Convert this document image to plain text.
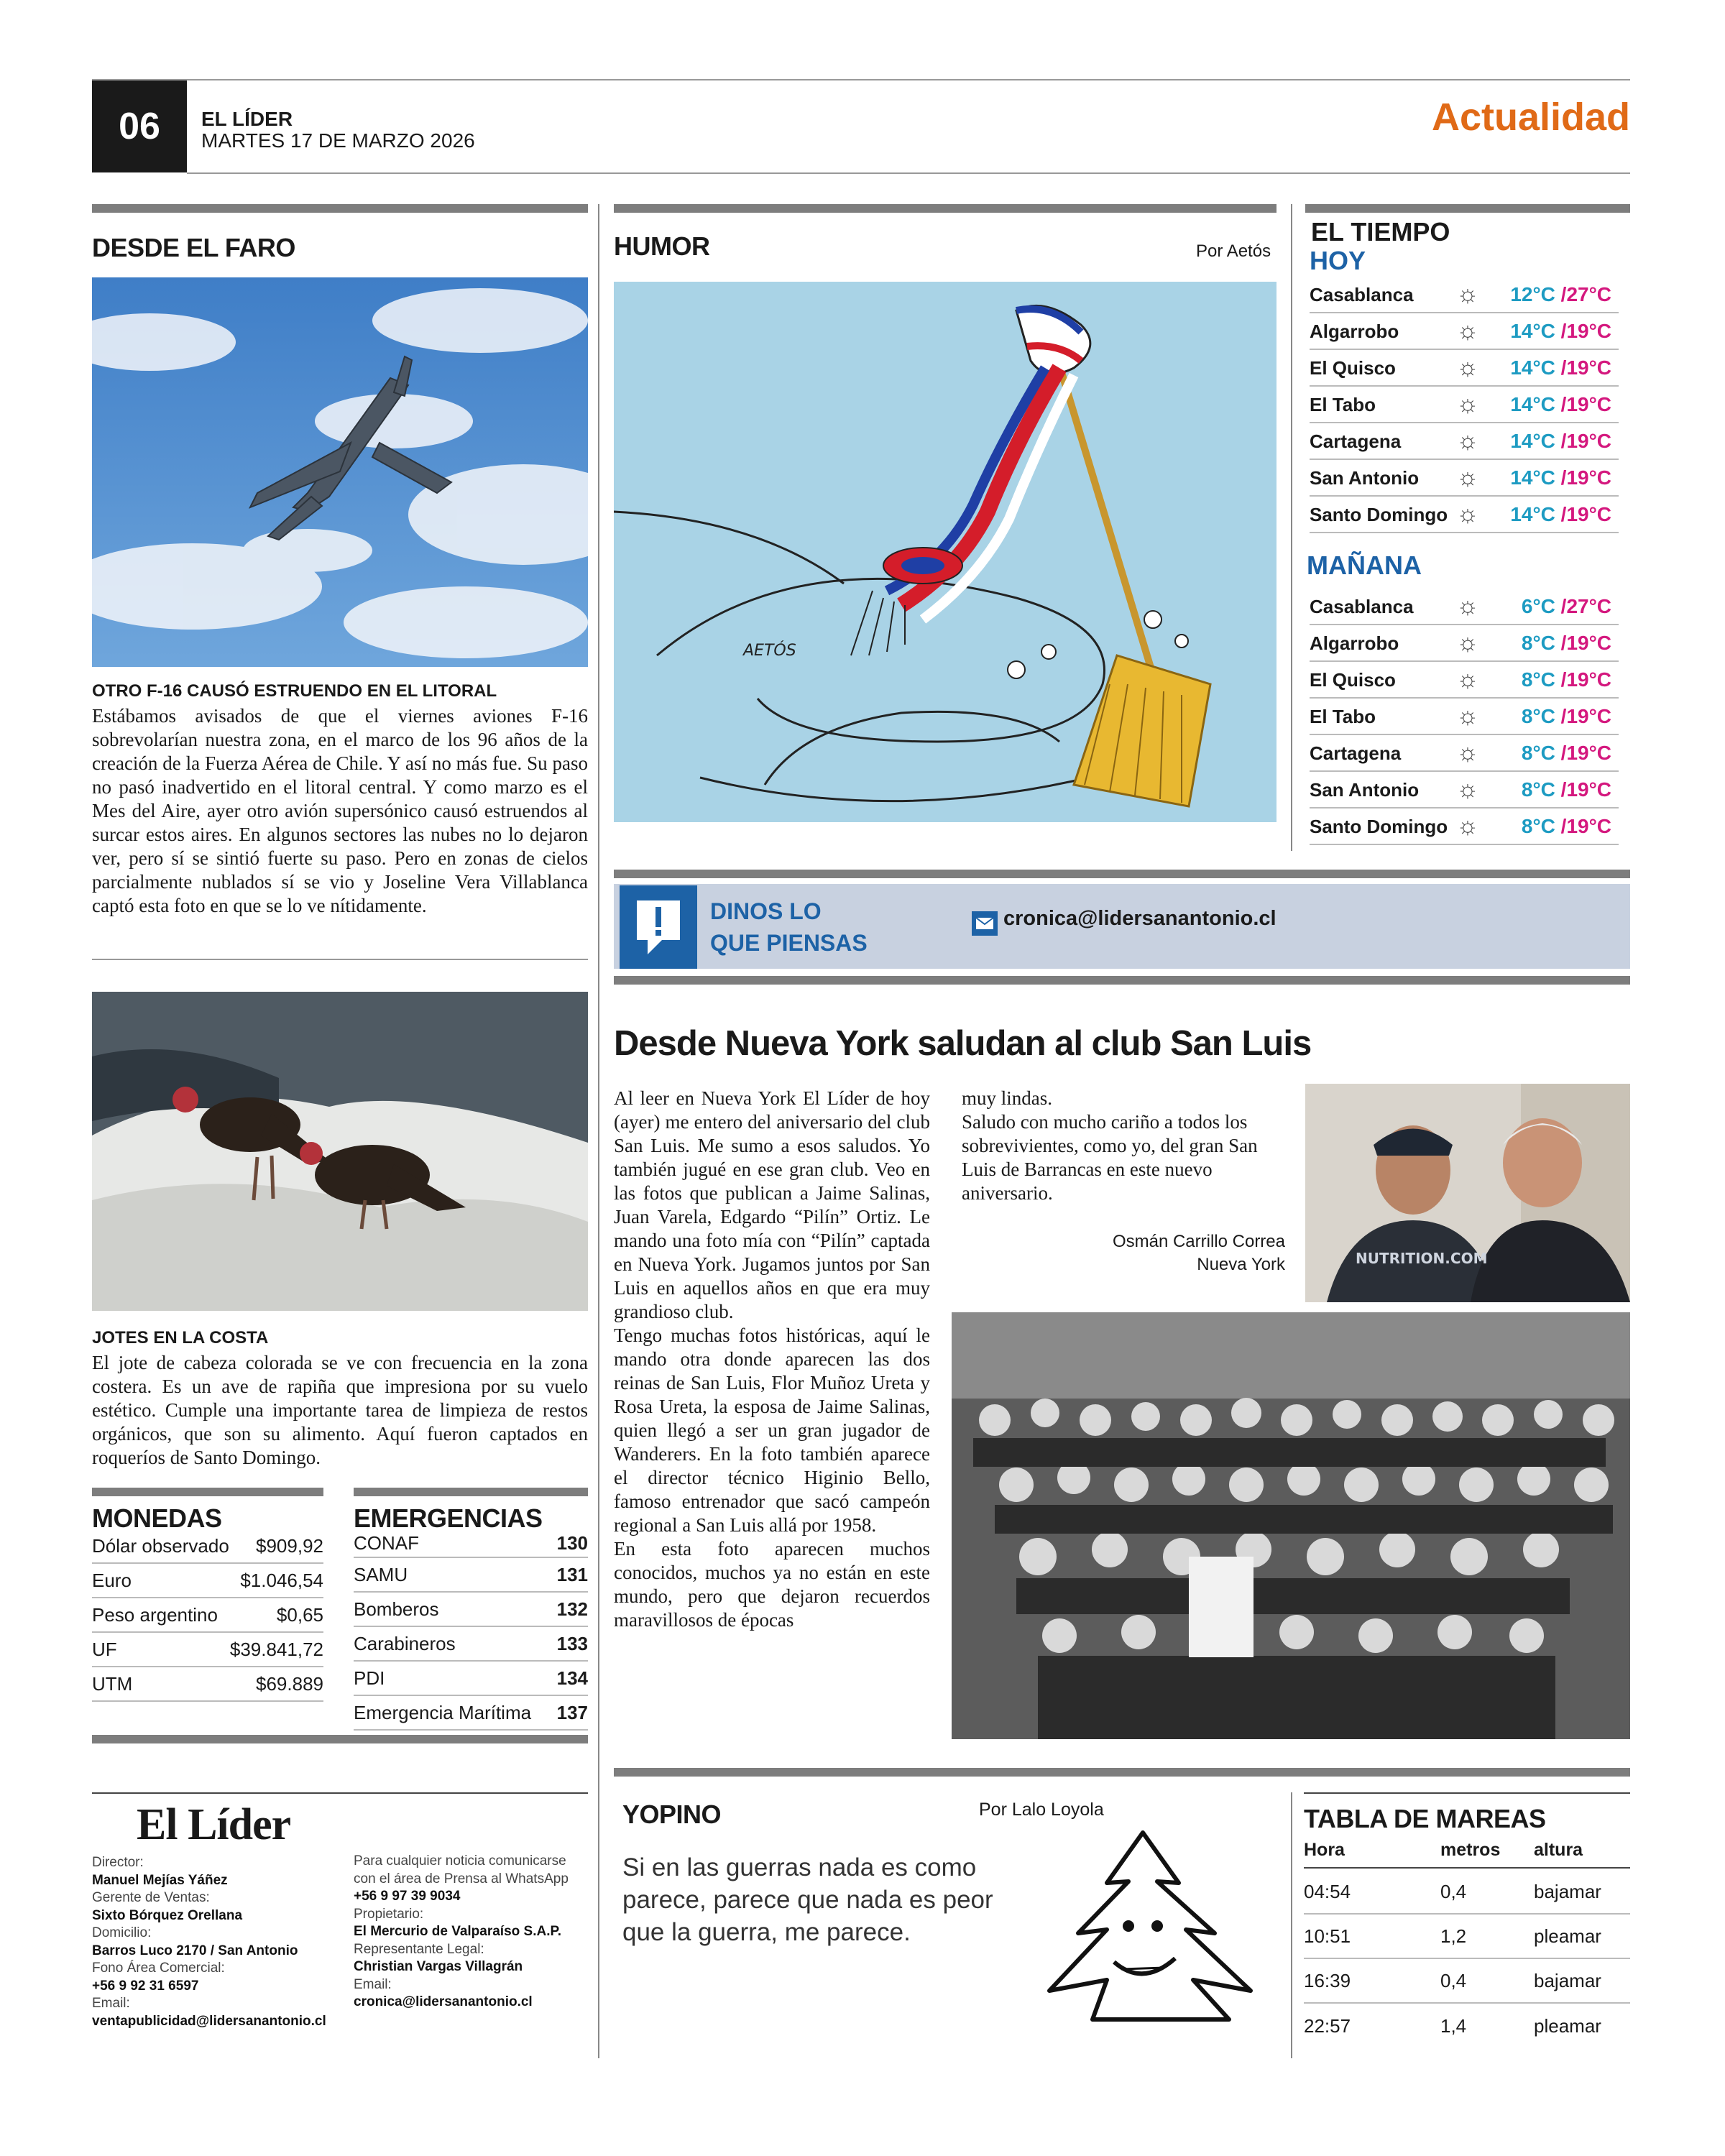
06	EL LÍDER
MARTES 17 DE MARZO 2026
Actualidad
DESDE EL FARO
OTRO F-16 CAUSÓ ESTRUENDO EN EL LITORAL
Estábamos avisados de que el viernes aviones F-16 sobrevolarían nuestra zona, en el marco de los 96 años de la creación de la Fuerza Aérea de Chile. Y así no más fue. Su paso no pasó inadvertido en el litoral central. Y como marzo es el Mes del Aire, ayer otro avión supersónico causó estruendos al surcar estos aires. En algunos sectores las nubes no lo dejaron ver, pero sí se sintió fuerte su paso. Pero en zonas de cielos parcialmente nublados sí se vio y Joseline Vera Villablanca captó esta foto en que se lo ve nítidamente.
JOTES EN LA COSTA
El jote de cabeza colorada se ve con frecuencia en la zona costera. Es un ave de rapiña que impresiona por su vuelo estético. Cumple una importante tarea de limpieza de restos orgánicos, que son su alimento. Aquí fueron captados en roqueríos de Santo Domingo.
MONEDAS
Dólar observado $909,92
Euro	$1.046,54
Peso argentino	$0,65
UF	$39.841,72
UTM	$69.889
EMERGENCIAS
CONAF	130
SAMU	131
Bomberos	132
Carabineros	133
PDI	134
Emergencia Marítima 137
El Líder
Director:
Manuel Mejías Yáñez
Gerente de Ventas:
Sixto Bórquez Orellana
Domicilio:
Barros Luco 2170 / San Antonio
Fono Área Comercial:
+56 9 92 31 6597
Email:
ventapublicidad@lidersanantonio.cl
Para cualquier noticia comunicarse con el área de Prensa al WhatsApp
+56 9 97 39 9034
Propietario:
El Mercurio de Valparaíso S.A.P.
Representante Legal:
Christian Vargas Villagrán
Email:
cronica@lidersanantonio.cl
HUMOR	Por Aetós
AETÓS
EL TIEMPO
HOY
Casablanca	☼	12°C /27°C
Algarrobo	☼	14°C /19°C
El Quisco	☼	14°C /19°C
El Tabo	☼	14°C /19°C
Cartagena	☼	14°C /19°C
San Antonio	☼	14°C /19°C
Santo Domingo ☼	14°C /19°C
MAÑANA
Casablanca	☼	6°C /27°C
Algarrobo	☼	8°C /19°C
El Quisco	☼	8°C /19°C
El Tabo	☼	8°C /19°C
Cartagena	☼	8°C /19°C
San Antonio	☼	8°C /19°C
Santo Domingo ☼	8°C /19°C
DINOS LO
QUE PIENSAS
cronica@lidersanantonio.cl
Desde Nueva York saludan al club San Luis

Al leer en Nueva York El Líder de hoy (ayer) me entero del aniversario del club San Luis. Me sumo a esos saludos. Yo también jugué en ese gran club. Veo en las fotos que publican a Jaime Salinas, Juan Varela, Edgardo “Pilín” Ortiz. Le mando una foto mía con “Pilín” captada en Nueva York. Jugamos juntos por San Luis en aquellos años en que era muy grandioso club.

Tengo muchas fotos históricas, aquí le mando otra donde aparecen las dos reinas de San Luis, Flor Muñoz Ureta y Rosa Ureta, la esposa de Jaime Salinas, quien llegó a ser un gran jugador de Wanderers. En la foto también aparece el director técnico Higinio Bello, famoso entrenador que sacó campeón regional a San Luis allá por 1958.

En esta foto aparecen muchos conocidos, muchos ya no están en este mundo, pero que dejaron recuerdos maravillosos de épocas

muy lindas.

Saludo con mucho cariño a todos los sobrevivientes, como yo, del gran San Luis de Barrancas en este nuevo aniversario.

Osmán Carrillo Correa
Nueva York	NUTRITION.COM
YOPINO	Por Lalo Loyola
Si en las guerras nada es como parece, parece que nada es peor que la guerra, me parece.
TABLA DE MAREAS
Hora	metros	altura
04:54	0,4	bajamar
10:51	1,2	pleamar
16:39	0,4	bajamar
22:57	1,4	pleamar
